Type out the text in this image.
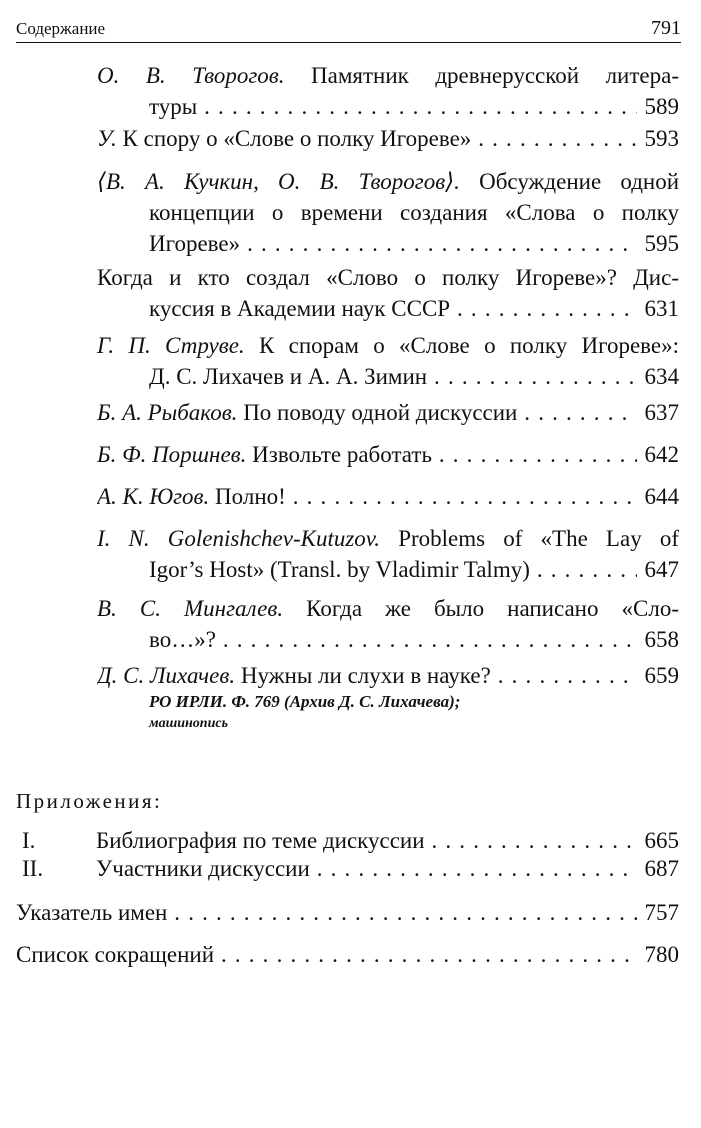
Содержание	791
О. В. Творогов. Памятник древнерусской литера-
туры . . .	589
У. К спору о «Слове о полку Игореве» . . .	593
⟨В. А. Кучкин, О. В. Творогов⟩. Обсуждение одной
концепции о времени создания «Слова о полку
Игореве» . . .	595
Когда и кто создал «Слово о полку Игореве»? Дис-
куссия в Академии наук СССР . . .	631
Г. П. Струве. К спорам о «Слове о полку Игореве»:
Д. С. Лихачев и А. А. Зимин . . .	634
Б. А. Рыбаков. По поводу одной дискуссии . . .	637
Б. Ф. Поршнев. Извольте работать . . .	642
А. К. Югов. Полно! . . .	644
I. N. Golenishchev-Kutuzov. Problems of «The Lay of
Igor’s Host» (Transl. by Vladimir Talmy) . . .	647
В. С. Мингалев. Когда же было написано «Сло-
во…»? . . .	658
Д. С. Лихачев. Нужны ли слухи в науке? . . .	659
РО ИРЛИ. Ф. 769 (Архив Д. С. Лихачева);
машинопись
Приложения:
I.	Библиография по теме дискуссии . . .	665
II.	Участники дискуссии . . .	687
Указатель имен . . .	757
Список сокращений . . .	780
